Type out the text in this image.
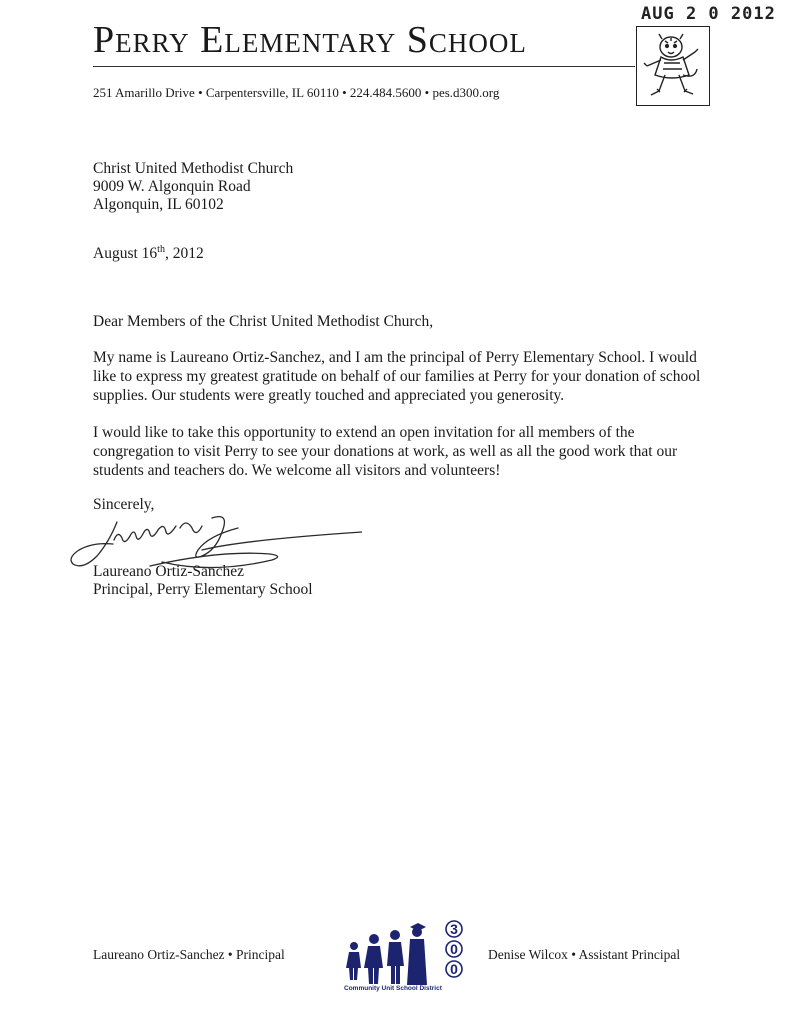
AUG 2 0 2012
Perry Elementary School
251 Amarillo Drive • Carpentersville, IL 60110 • 224.484.5600 • pes.d300.org
Christ United Methodist Church
9009 W. Algonquin Road
Algonquin, IL 60102
August 16th, 2012
Dear Members of the Christ United Methodist Church,
My name is Laureano Ortiz-Sanchez, and I am the principal of Perry Elementary School. I would like to express my greatest gratitude on behalf of our families at Perry for your donation of school supplies. Our students were greatly touched and appreciated you generosity.
I would like to take this opportunity to extend an open invitation for all members of the congregation to visit Perry to see your donations at work, as well as all the good work that our students and teachers do. We welcome all visitors and volunteers!
Sincerely,
Laureano Ortiz-Sanchez
Principal, Perry Elementary School
Laureano Ortiz-Sanchez • Principal
3
0
0
Community Unit School District
Denise Wilcox • Assistant Principal
